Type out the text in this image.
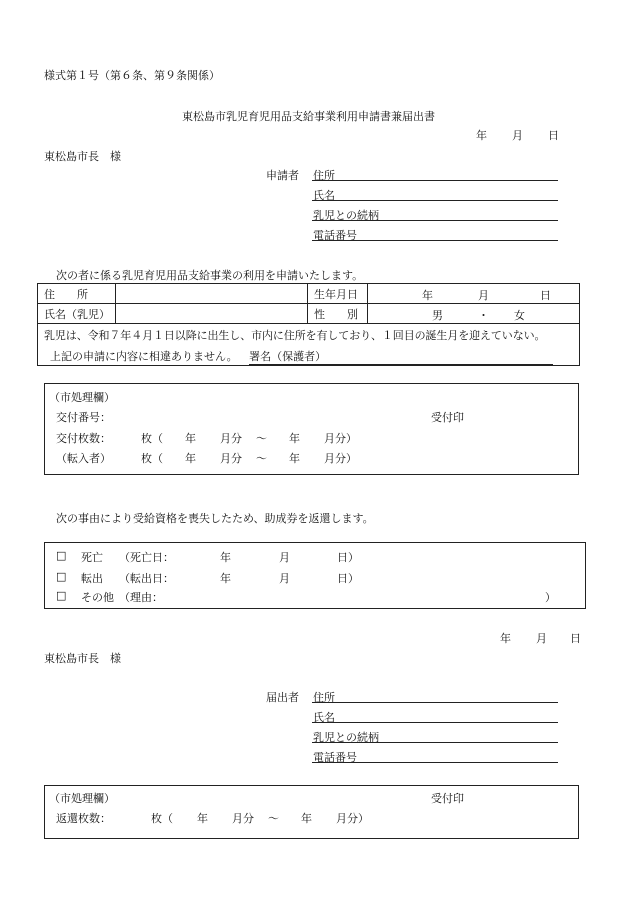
様式第１号（第６条、第９条関係）
東松島市乳児育児用品支給事業利用申請書兼届出書
年 月 日
東松島市長　様
申請者 住所
氏名
乳児との続柄
電話番号
次の者に係る乳児育児用品支給事業の利用を申請いたします。
住　　所		生年月日	年 月 日

氏名（乳児）		性　　別	男 ・ 女

乳児は、令和７年４月１日以降に出生し、市内に住所を有しており、１回目の誕生月を迎えていない。
上記の申請に内容に相違ありません。 署名（保護者）			
（市処理欄）
交付番号：	受付印
交付枚数：	枚（ 年 月分 ～ 年 月分）
（転入者）	枚（ 年 月分 ～ 年 月分）
次の事由により受給資格を喪失したため、助成券を返還します。
□ 死亡 （死亡日：	年	月	日）
□ 転出 （転出日：	年	月	日）
□ その他 （理由：	）
年 月 日
東松島市長　様
届出者 住所
氏名
乳児との続柄
電話番号
（市処理欄）	受付印
返還枚数：	枚（ 年 月分 ～ 年 月分）
